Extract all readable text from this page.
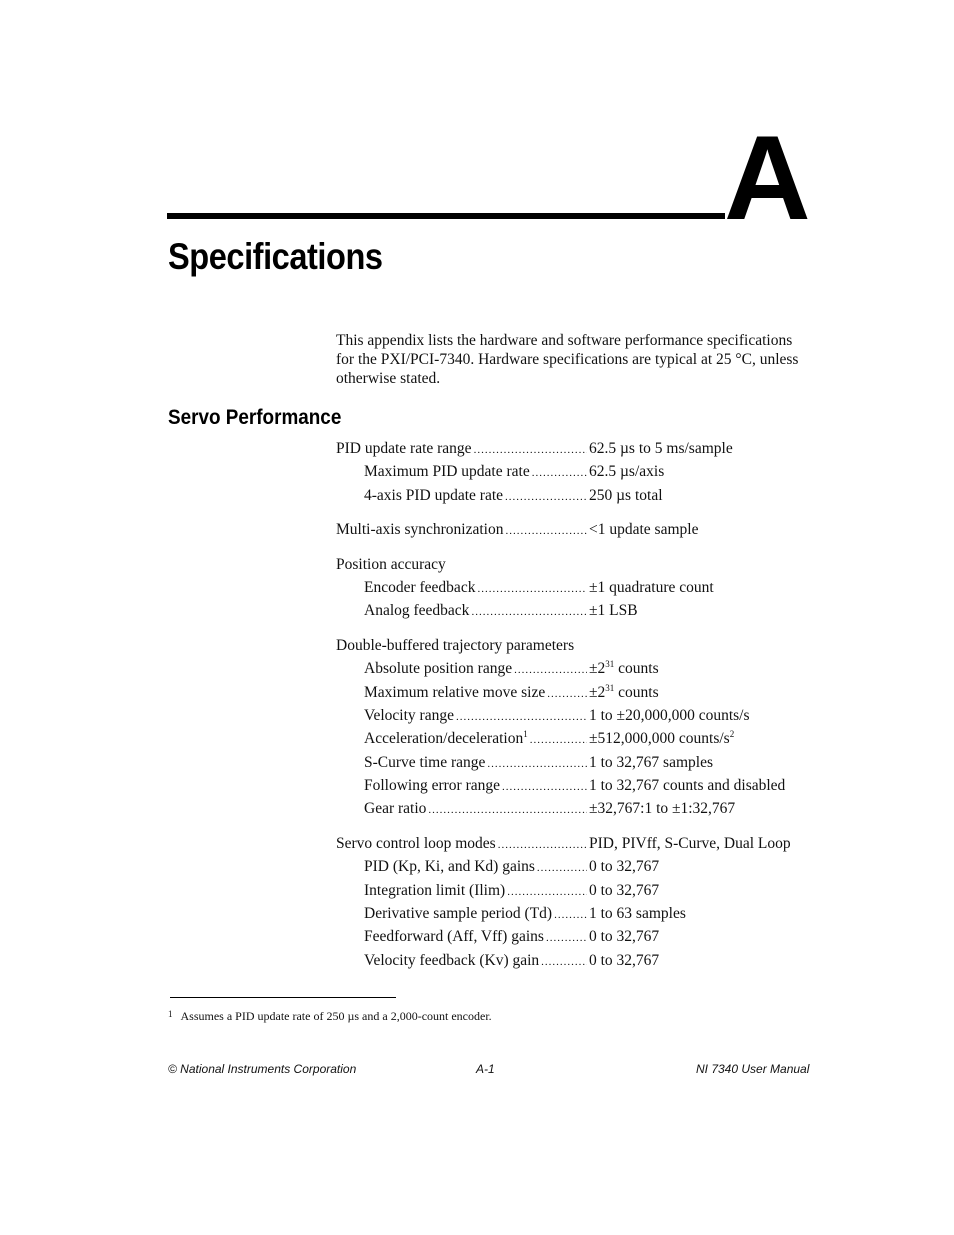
A
Specifications

This appendix lists the hardware and software performance specifications for the PXI/PCI-7340. Hardware specifications are typical at 25 °C, unless otherwise stated.

Servo Performance
PID update rate range .....	62.5 µs to 5 ms/sample
Maximum PID update rate .....	62.5 µs/axis
4-axis PID update rate .....	250 µs total
Multi-axis synchronization .....	<1 update sample
Position accuracy
Encoder feedback .....	±1 quadrature count
Analog feedback .....	±1 LSB
Double-buffered trajectory parameters
Absolute position range .....	$\pm 2^{31}$ counts
Maximum relative move size .....	$\pm 2^{31}$ counts
Velocity range .....	1 to ±20,000,000 counts/s
Acceleration/deceleration$^1$ .....	±512,000,000 counts/$s^2$
S-Curve time range .....	1 to 32,767 samples
Following error range .....	1 to 32,767 counts and disabled
Gear ratio .....	±32,767:1 to ±1:32,767
Servo control loop modes .....	PID, PIVff, S-Curve, Dual Loop
PID (Kp, Ki, and Kd) gains .....	0 to 32,767
Integration limit (Ilim) .....	0 to 32,767
Derivative sample period (Td) ..... 1 to 63 samples
Feedforward (Aff, Vff) gains .....	0 to 32,767
Velocity feedback (Kv) gain .....	0 to 32,767
$^1$ Assumes a PID update rate of 250 µs and a 2,000-count encoder.
© National Instruments Corporation	A-1	NI 7340 User Manual
